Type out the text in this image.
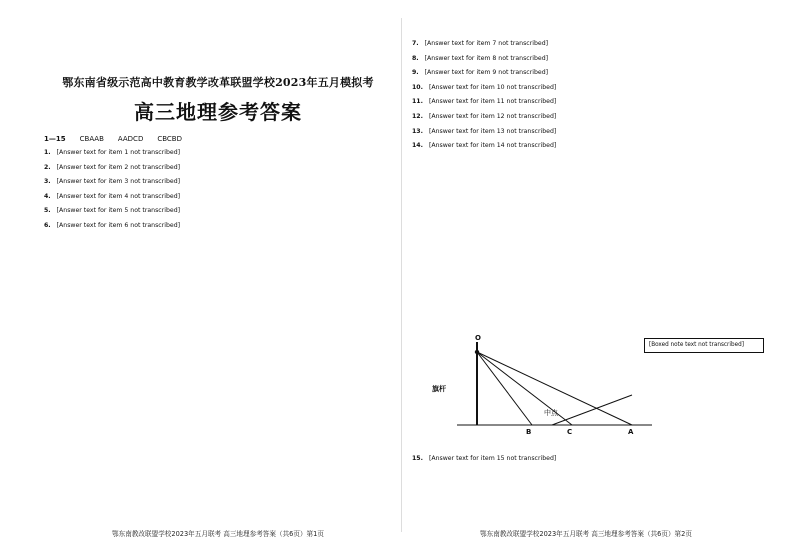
鄂东南省级示范高中教育教学改革联盟学校2023年五月模拟考
高三地理参考答案
1—15 CBAAB AADCD CBCBD
1. [Answer text for item 1 not transcribed]
2. [Answer text for item 2 not transcribed]
3. [Answer text for item 3 not transcribed]
4. [Answer text for item 4 not transcribed]
5. [Answer text for item 5 not transcribed]
6. [Answer text for item 6 not transcribed]
鄂东南教改联盟学校2023年五月联考 高三地理参考答案（共6页）第1页
7. [Answer text for item 7 not transcribed]
8. [Answer text for item 8 not transcribed]
9. [Answer text for item 9 not transcribed]
10. [Answer text for item 10 not transcribed]
11. [Answer text for item 11 not transcribed]
12. [Answer text for item 12 not transcribed]
13. [Answer text for item 13 not transcribed]
14. [Answer text for item 14 not transcribed]
O
旗杆
B	C	A
中点
[Boxed note text not transcribed]
15. [Answer text for item 15 not transcribed]
鄂东南教改联盟学校2023年五月联考 高三地理参考答案（共6页）第2页
